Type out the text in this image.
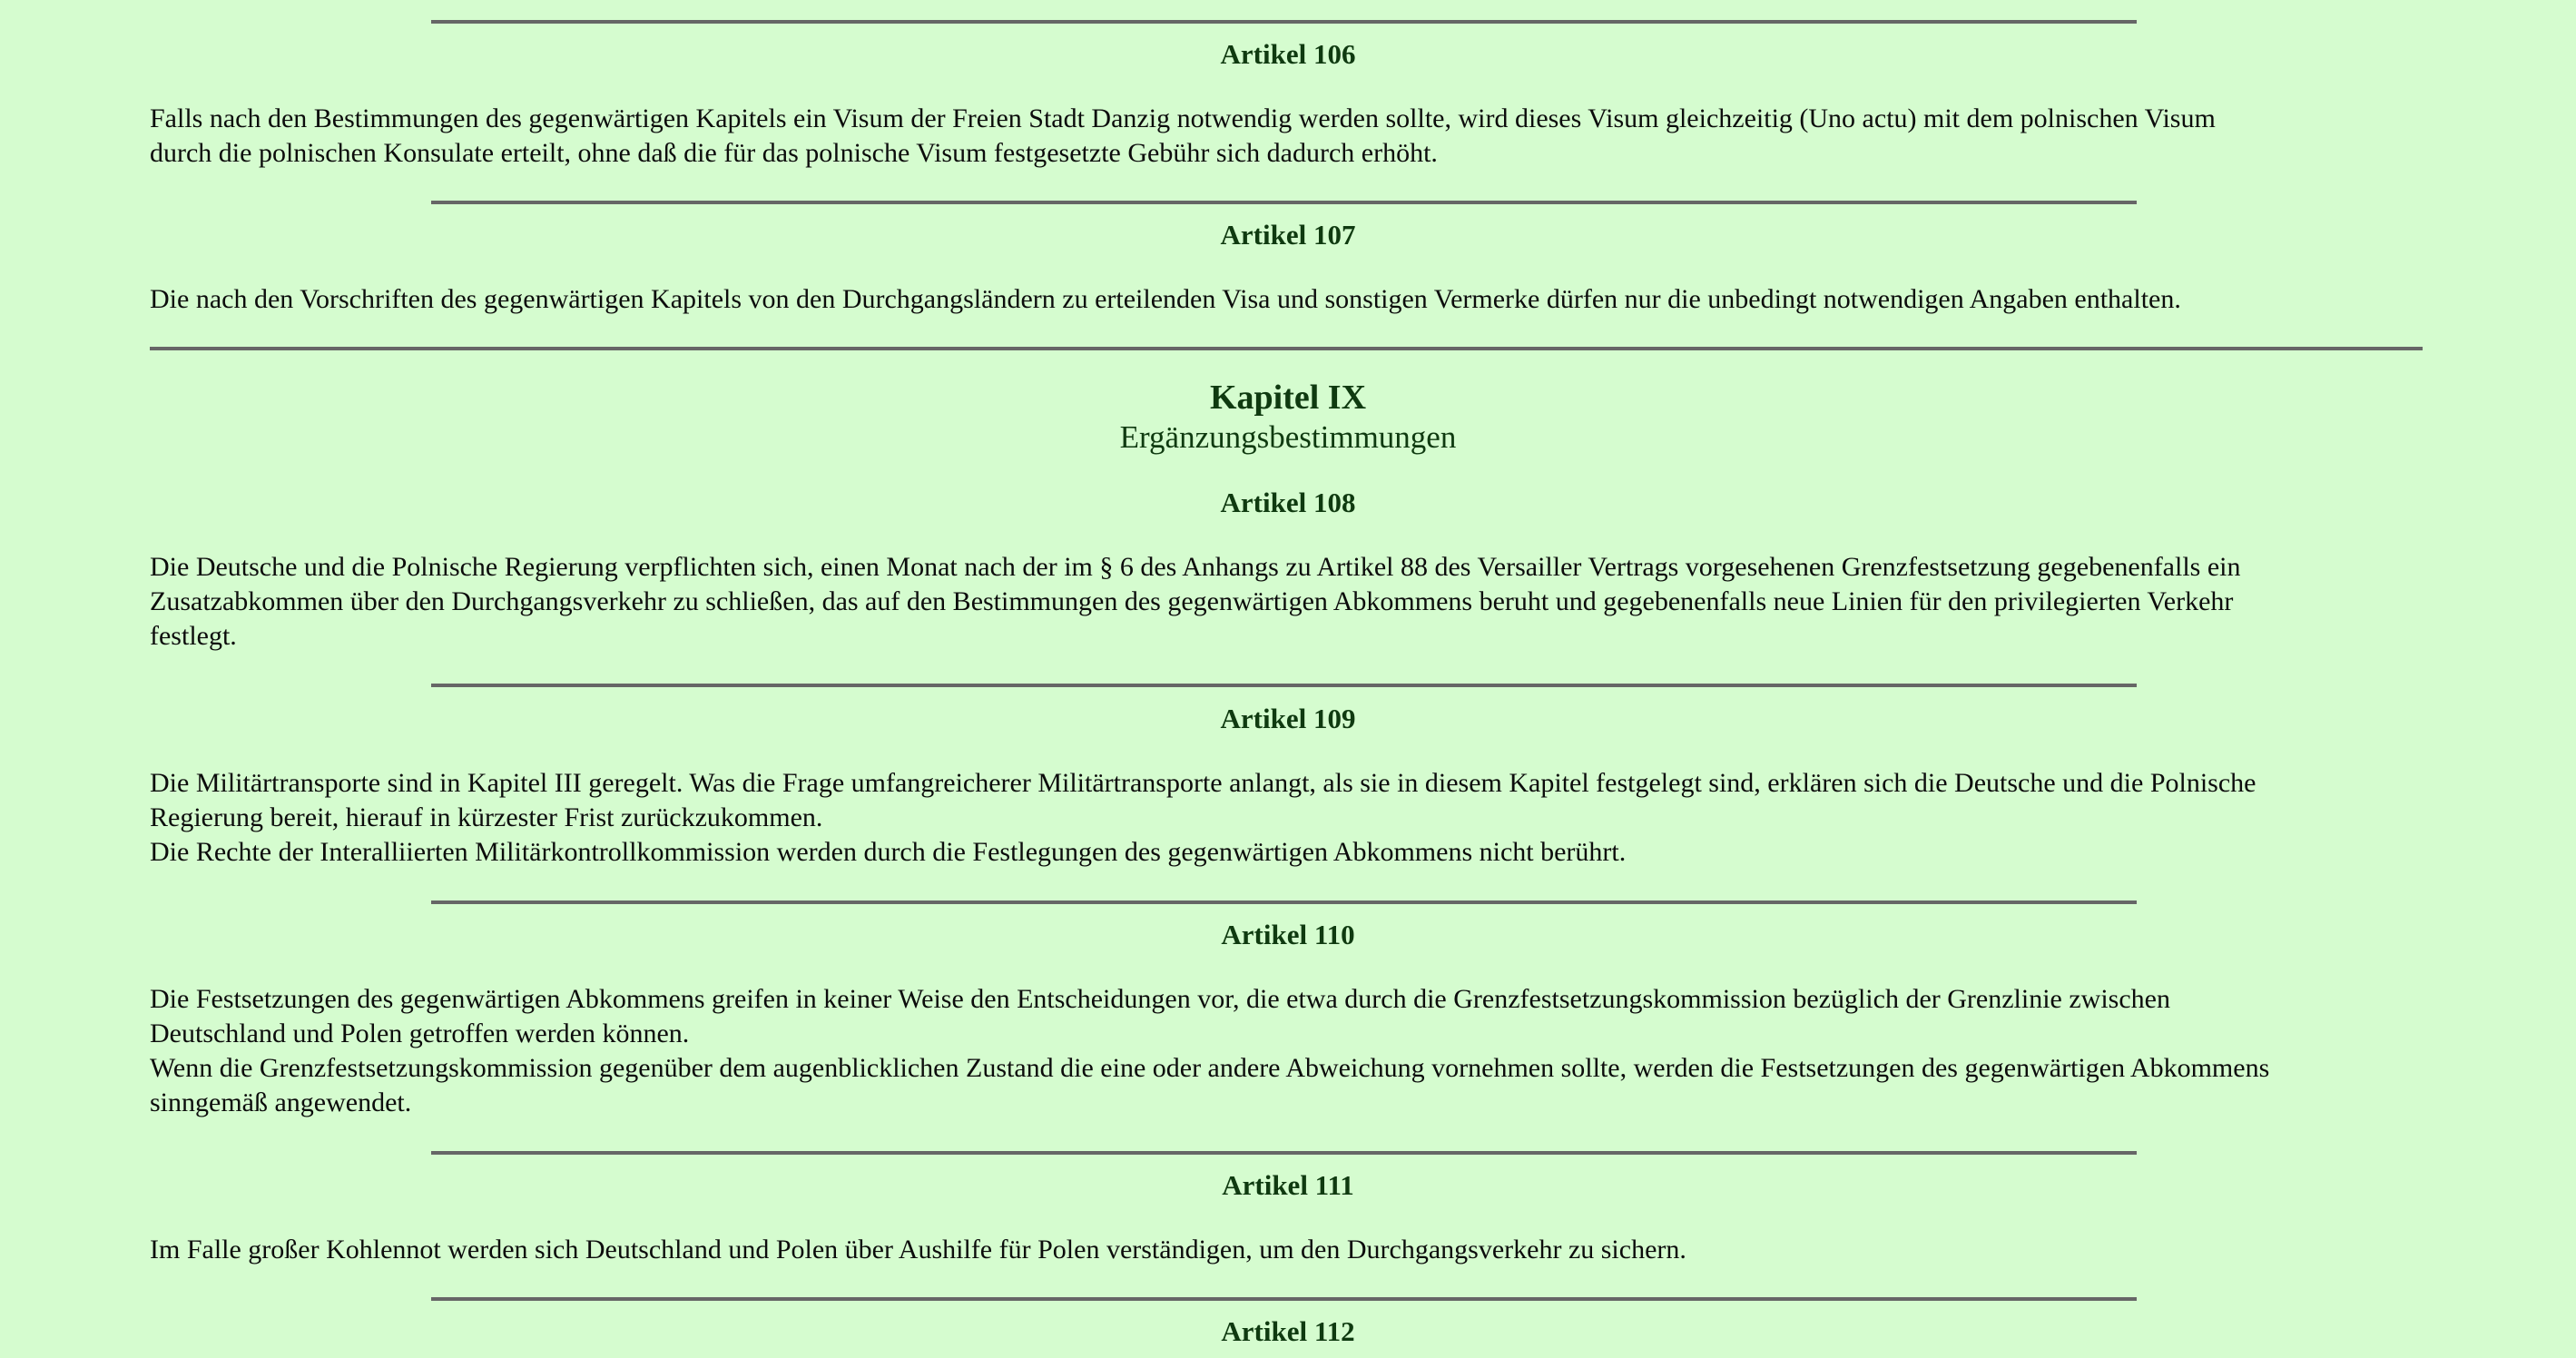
Artikel 106
Falls nach den Bestimmungen des gegenwärtigen Kapitels ein Visum der Freien Stadt Danzig notwendig werden sollte, wird dieses Visum gleichzeitig (Uno actu) mit dem polnischen Visum
durch die polnischen Konsulate erteilt, ohne daß die für das polnische Visum festgesetzte Gebühr sich dadurch erhöht.
Artikel 107
Die nach den Vorschriften des gegenwärtigen Kapitels von den Durchgangsländern zu erteilenden Visa und sonstigen Vermerke dürfen nur die unbedingt notwendigen Angaben enthalten.
Kapitel IX
Ergänzungsbestimmungen
Artikel 108
Die Deutsche und die Polnische Regierung verpflichten sich, einen Monat nach der im § 6 des Anhangs zu Artikel 88 des Versailler Vertrags vorgesehenen Grenzfestsetzung gegebenenfalls ein
Zusatzabkommen über den Durchgangsverkehr zu schließen, das auf den Bestimmungen des gegenwärtigen Abkommens beruht und gegebenenfalls neue Linien für den privilegierten Verkehr
festlegt.
Artikel 109
Die Militärtransporte sind in Kapitel III geregelt. Was die Frage umfangreicherer Militärtransporte anlangt, als sie in diesem Kapitel festgelegt sind, erklären sich die Deutsche und die Polnische
Regierung bereit, hierauf in kürzester Frist zurückzukommen.
Die Rechte der Interalliierten Militärkontrollkommission werden durch die Festlegungen des gegenwärtigen Abkommens nicht berührt.
Artikel 110
Die Festsetzungen des gegenwärtigen Abkommens greifen in keiner Weise den Entscheidungen vor, die etwa durch die Grenzfestsetzungskommission bezüglich der Grenzlinie zwischen
Deutschland und Polen getroffen werden können.
Wenn die Grenzfestsetzungskommission gegenüber dem augenblicklichen Zustand die eine oder andere Abweichung vornehmen sollte, werden die Festsetzungen des gegenwärtigen Abkommens
sinngemäß angewendet.
Artikel 111
Im Falle großer Kohlennot werden sich Deutschland und Polen über Aushilfe für Polen verständigen, um den Durchgangsverkehr zu sichern.
Artikel 112
